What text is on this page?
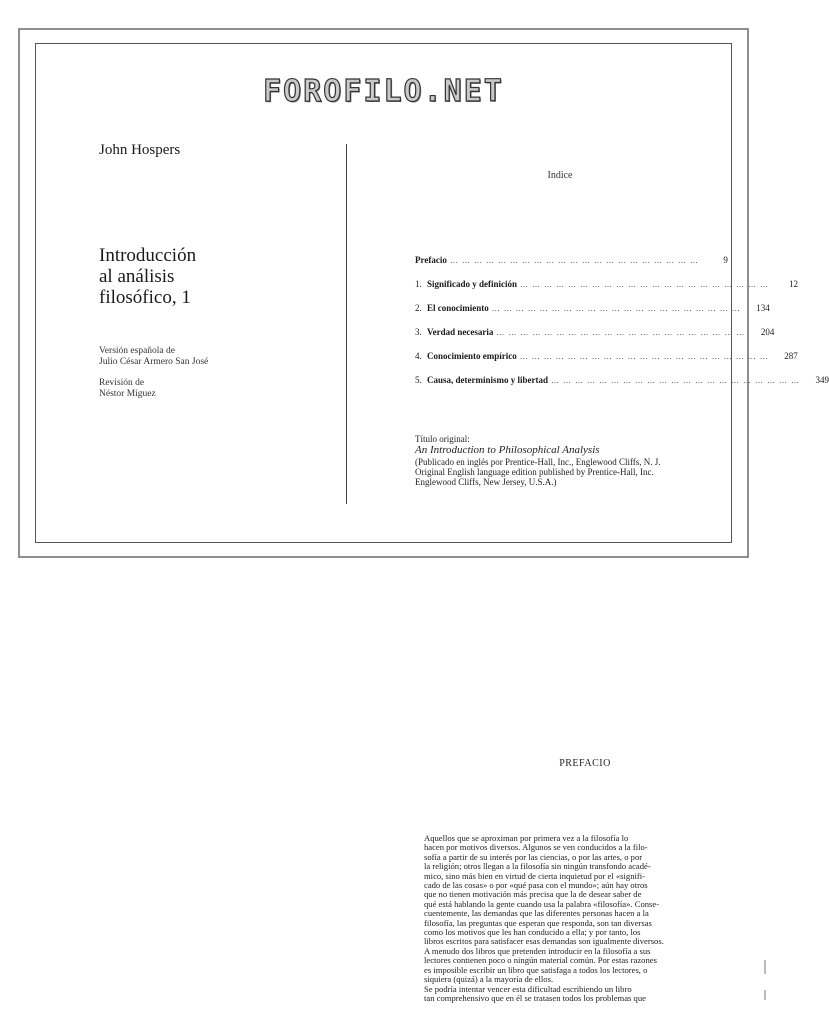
FOROFILO.NET
John Hospers
Introducción
al análisis
filosófico, 1
Versión española de
Julio César Armero San José
Revisión de
Néstor Míguez
Indice
Prefacio … … … … … … … … … … … … … … … … … … … … …	9
1. Significado y definición … … … … … … … … … … … … … … … … … … … … …	12
2. El conocimiento … … … … … … … … … … … … … … … … … … … … …	134
3. Verdad necesaria … … … … … … … … … … … … … … … … … … … … …	204
4. Conocimiento empírico … … … … … … … … … … … … … … … … … … … … …	287
5. Causa, determinismo y libertad … … … … … … … … … … … … … … … … … … … … …	349
Título original:
An Introduction to Philosophical Analysis
(Publicado en inglés por Prentice-Hall, Inc., Englewood Cliffs, N. J.
Original English language edition published by Prentice-Hall, Inc.
Englewood Cliffs, New Jersey, U.S.A.)
PREFACIO
Aquellos que se aproximan por primera vez a la filosofía lo
hacen por motivos diversos. Algunos se ven conducidos a la filo-
sofía a partir de su interés por las ciencias, o por las artes, o por
la religión; otros llegan a la filosofía sin ningún transfondo acadé-
mico, sino más bien en virtud de cierta inquietud por el «signifi-
cado de las cosas» o por «qué pasa con el mundo»; aún hay otros
que no tienen motivación más precisa que la de desear saber de
qué está hablando la gente cuando usa la palabra «filosofía». Conse-
cuentemente, las demandas que las diferentes personas hacen a la
filosofía, las preguntas que esperan que responda, son tan diversas
como los motivos que les han conducido a ella; y por tanto, los
libros escritos para satisfacer esas demandas son igualmente diversos.
A menudo dos libros que pretenden introducir en la filosofía a sus
lectores contienen poco o ningún material común. Por estas razones
es imposible escribir un libro que satisfaga a todos los lectores, o
siquiera (quizá) a la mayoría de ellos.
Se podría intentar vencer esta dificultad escribiendo un libro
tan comprehensivo que en él se tratasen todos los problemas que
